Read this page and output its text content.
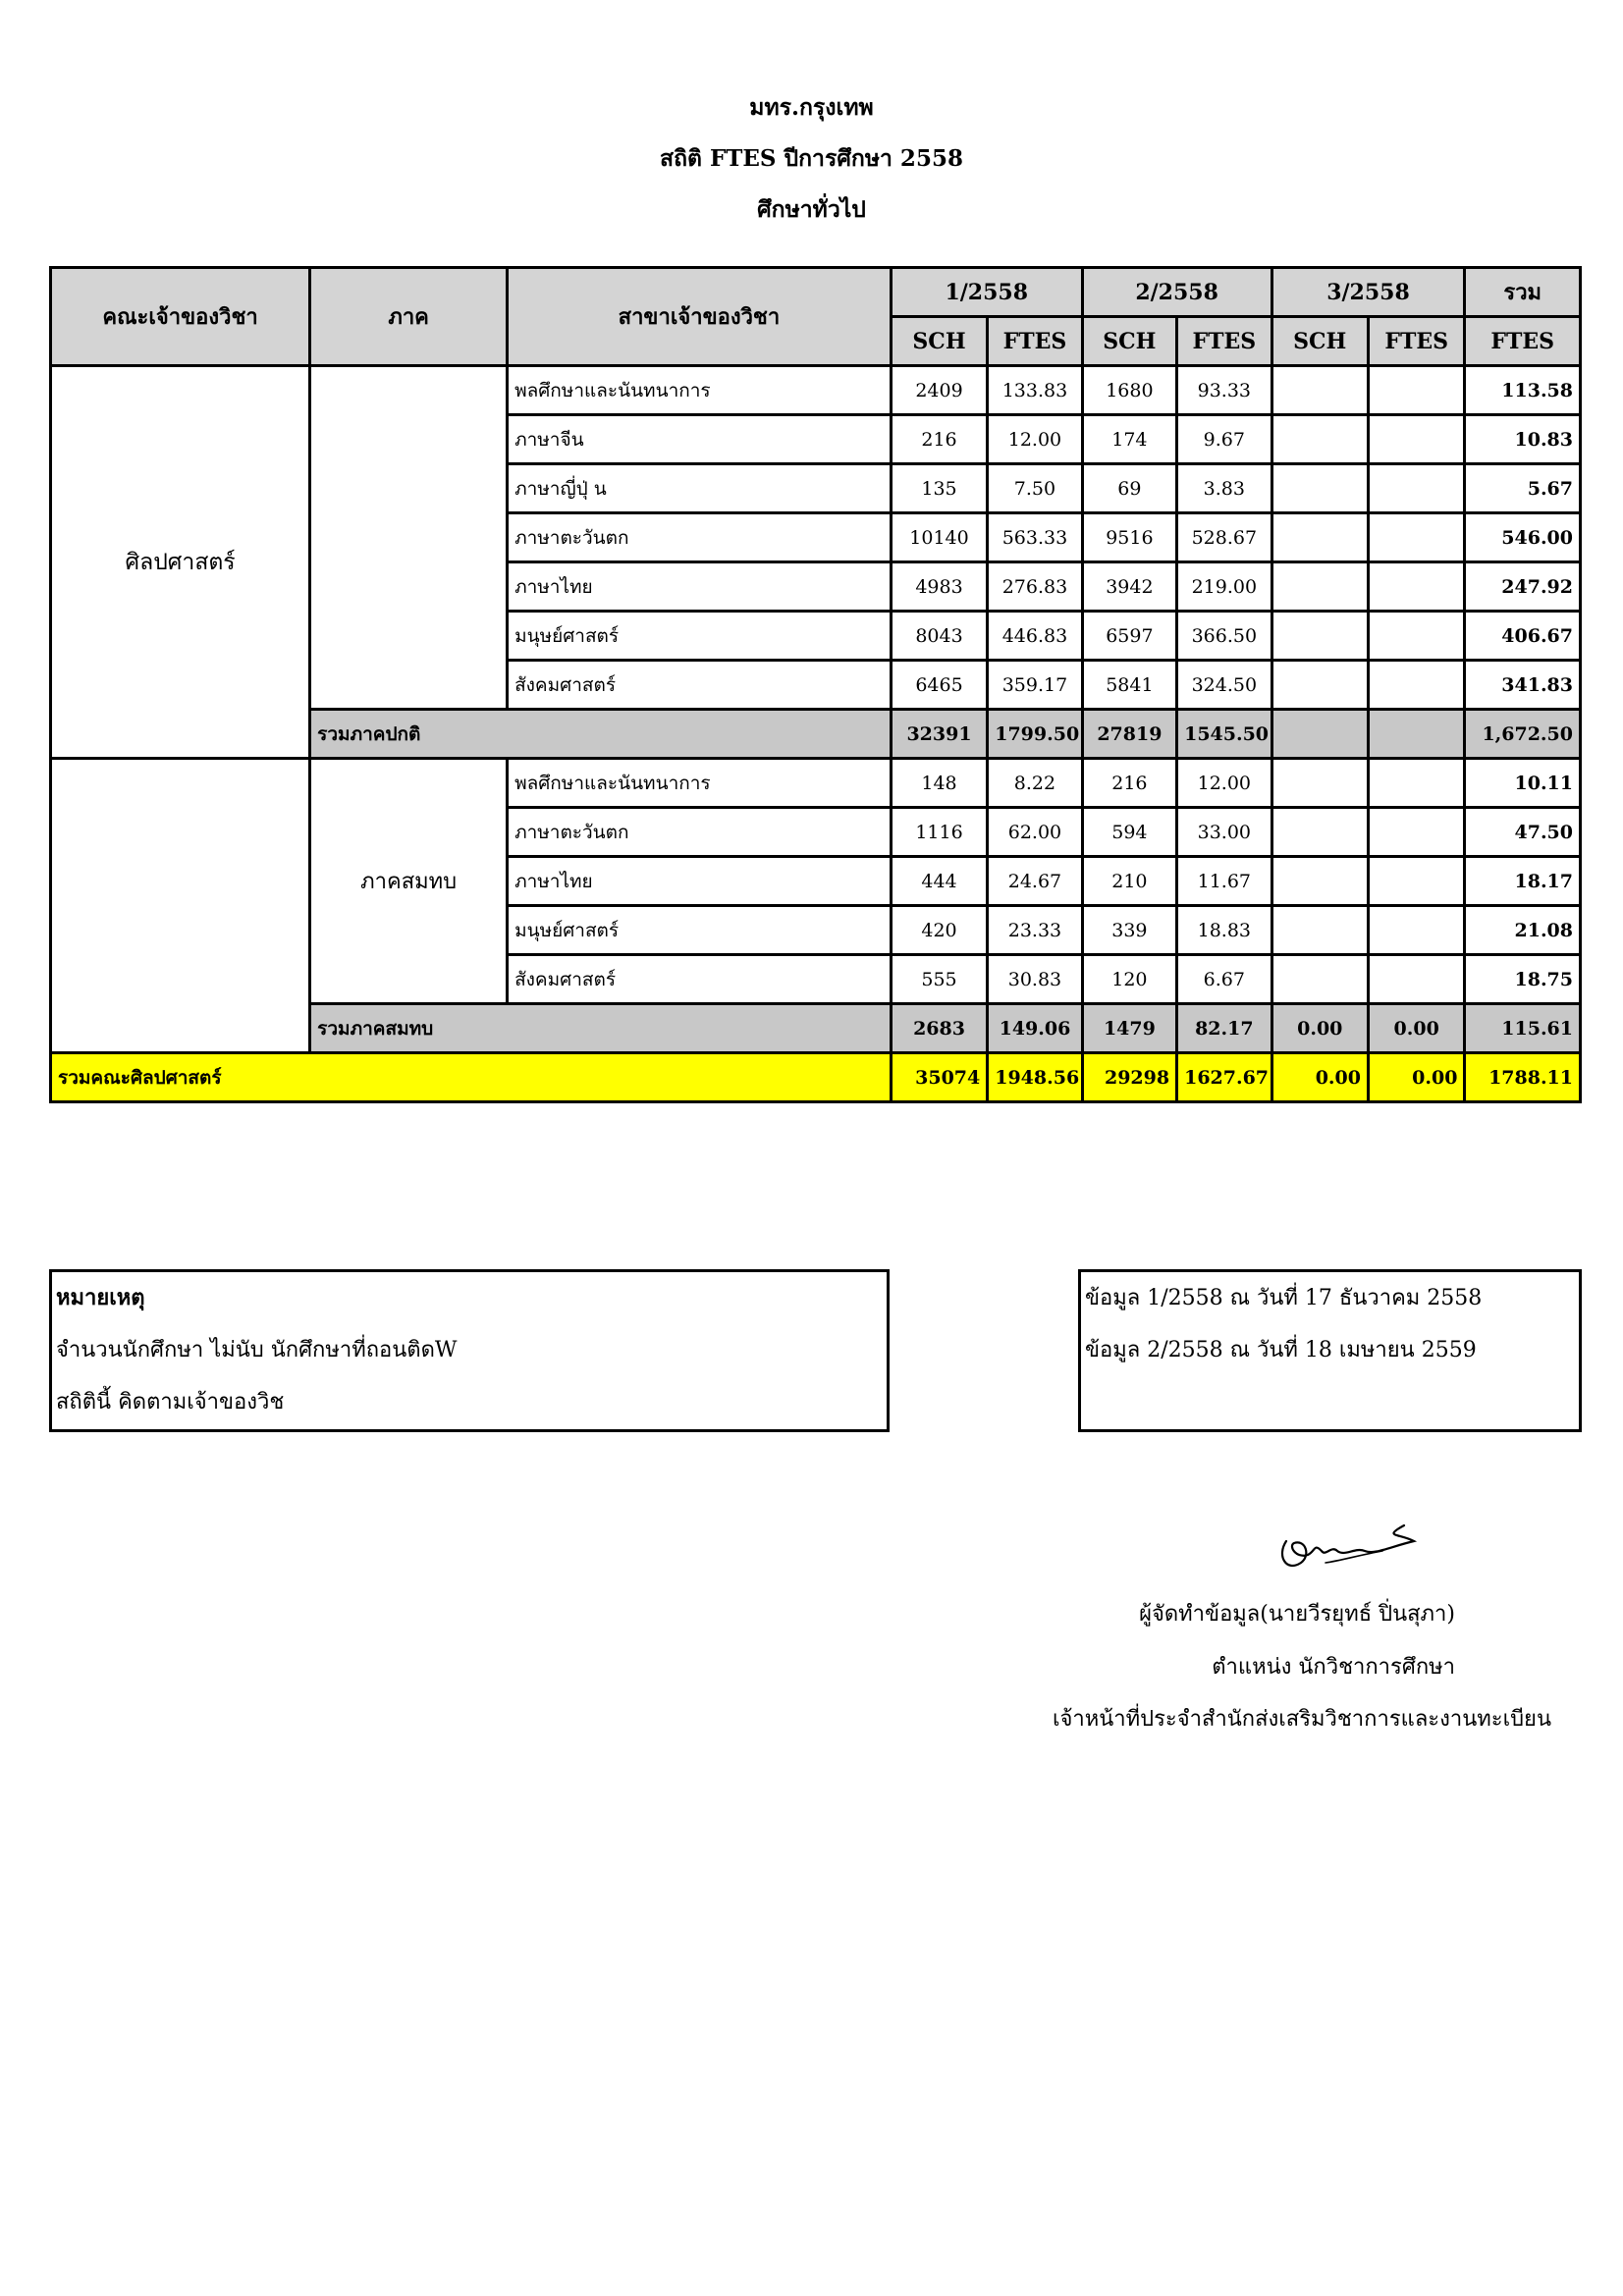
มทร.กรุงเทพ
สถิติ FTES ปีการศึกษา 2558
ศึกษาทั่วไป
คณะเจ้าของวิชา	ภาค	สาขาเจ้าของวิชา	1/2558		2/2558		3/2558		รวม
			SCH	FTES	SCH	FTES	SCH	FTES	FTES
ศิลปศาสตร์		พลศึกษาและนันทนาการ	2409	133.83	1680	93.33			113.58
		ภาษาจีน	216	12.00	174	9.67			10.83
		ภาษาญี่ปุ่ น	135	7.50	69	3.83			5.67
		ภาษาตะวันตก	10140	563.33	9516	528.67			546.00
		ภาษาไทย	4983	276.83	3942	219.00			247.92
		มนุษย์ศาสตร์	8043	446.83	6597	366.50			406.67
		สังคมศาสตร์	6465	359.17	5841	324.50			341.83
	รวมภาคปกติ		32391	1799.50	27819	1545.50			1,672.50
	ภาคสมทบ	พลศึกษาและนันทนาการ	148	8.22	216	12.00			10.11
		ภาษาตะวันตก	1116	62.00	594	33.00			47.50
		ภาษาไทย	444	24.67	210	11.67			18.17
		มนุษย์ศาสตร์	420	23.33	339	18.83			21.08
		สังคมศาสตร์	555	30.83	120	6.67			18.75
	รวมภาคสมทบ		2683	149.06	1479	82.17	0.00	0.00	115.61
รวมคณะศิลปศาสตร์			35074	1948.56	29298	1627.67	0.00	0.00	1788.11
หมายเหตุ
จำนวนนักศึกษา ไม่นับ นักศึกษาที่ถอนติดW
สถิตินี้ คิดตามเจ้าของวิช
ข้อมูล 1/2558 ณ วันที่ 17 ธันวาคม 2558
ข้อมูล 2/2558 ณ วันที่ 18 เมษายน 2559
ผู้จัดทำข้อมูล(นายวีรยุทธ์ ปิ่นสุภา)
ตำแหน่ง นักวิชาการศึกษา
เจ้าหน้าที่ประจำสำนักส่งเสริมวิชาการและงานทะเบียน
